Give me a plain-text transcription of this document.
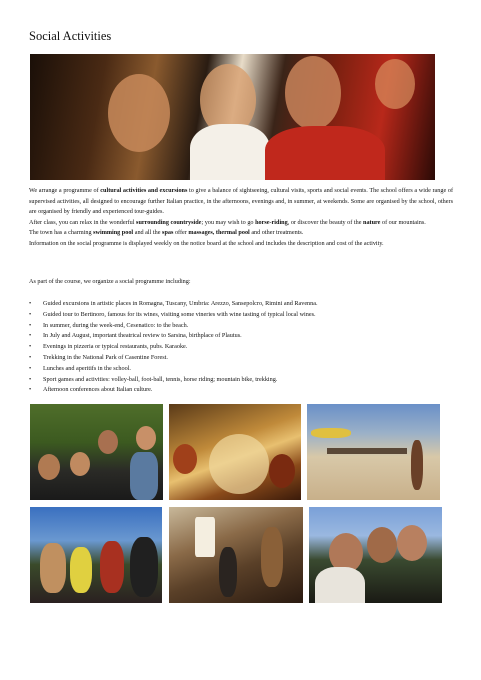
Social Activities

We arrange a programme of cultural activities and excursions to give a balance of sightseeing, cultural visits, sports and social events. The school offers a wide range of supervised activities, all designed to encourage further Italian practice, in the afternoons, evenings and, in summer, at weekends. Some are organised by the school, others are organised by friendly and experienced tour-guides.

After class, you can relax in the wonderful surrounding countryside; you may wish to go horse-riding, or discover the beauty of the nature of our mountains.

The town has a charming swimming pool and all the spas offer massages, thermal pool and other treatments.

Information on the social programme is displayed weekly on the notice board at the school and includes the description and cost of the activity.

As part of the course, we organize a social programme including:
• Guided excursions in artistic places in Romagna, Tuscany, Umbria: Arezzo, Sansepolcro, Rimini and Ravenna.
• Guided tour to Bertinoro, famous for its wines, visiting some vineries with wine tasting of typical local wines.
• In summer, during the week-end, Cesenatico: to the beach.
• In July and August, important theatrical review to Sarsina, birthplace of Plautus.
• Evenings in pizzeria or typical restaurants, pubs. Karaoke.
• Trekking in the National Park of Casentine Forest.
• Lunches and aperitifs in the school.
• Sport games and activities: volley-ball, foot-ball, tennis, horse riding; mountain bike, trekking.
• Afternoon conferences about Italian culture.
